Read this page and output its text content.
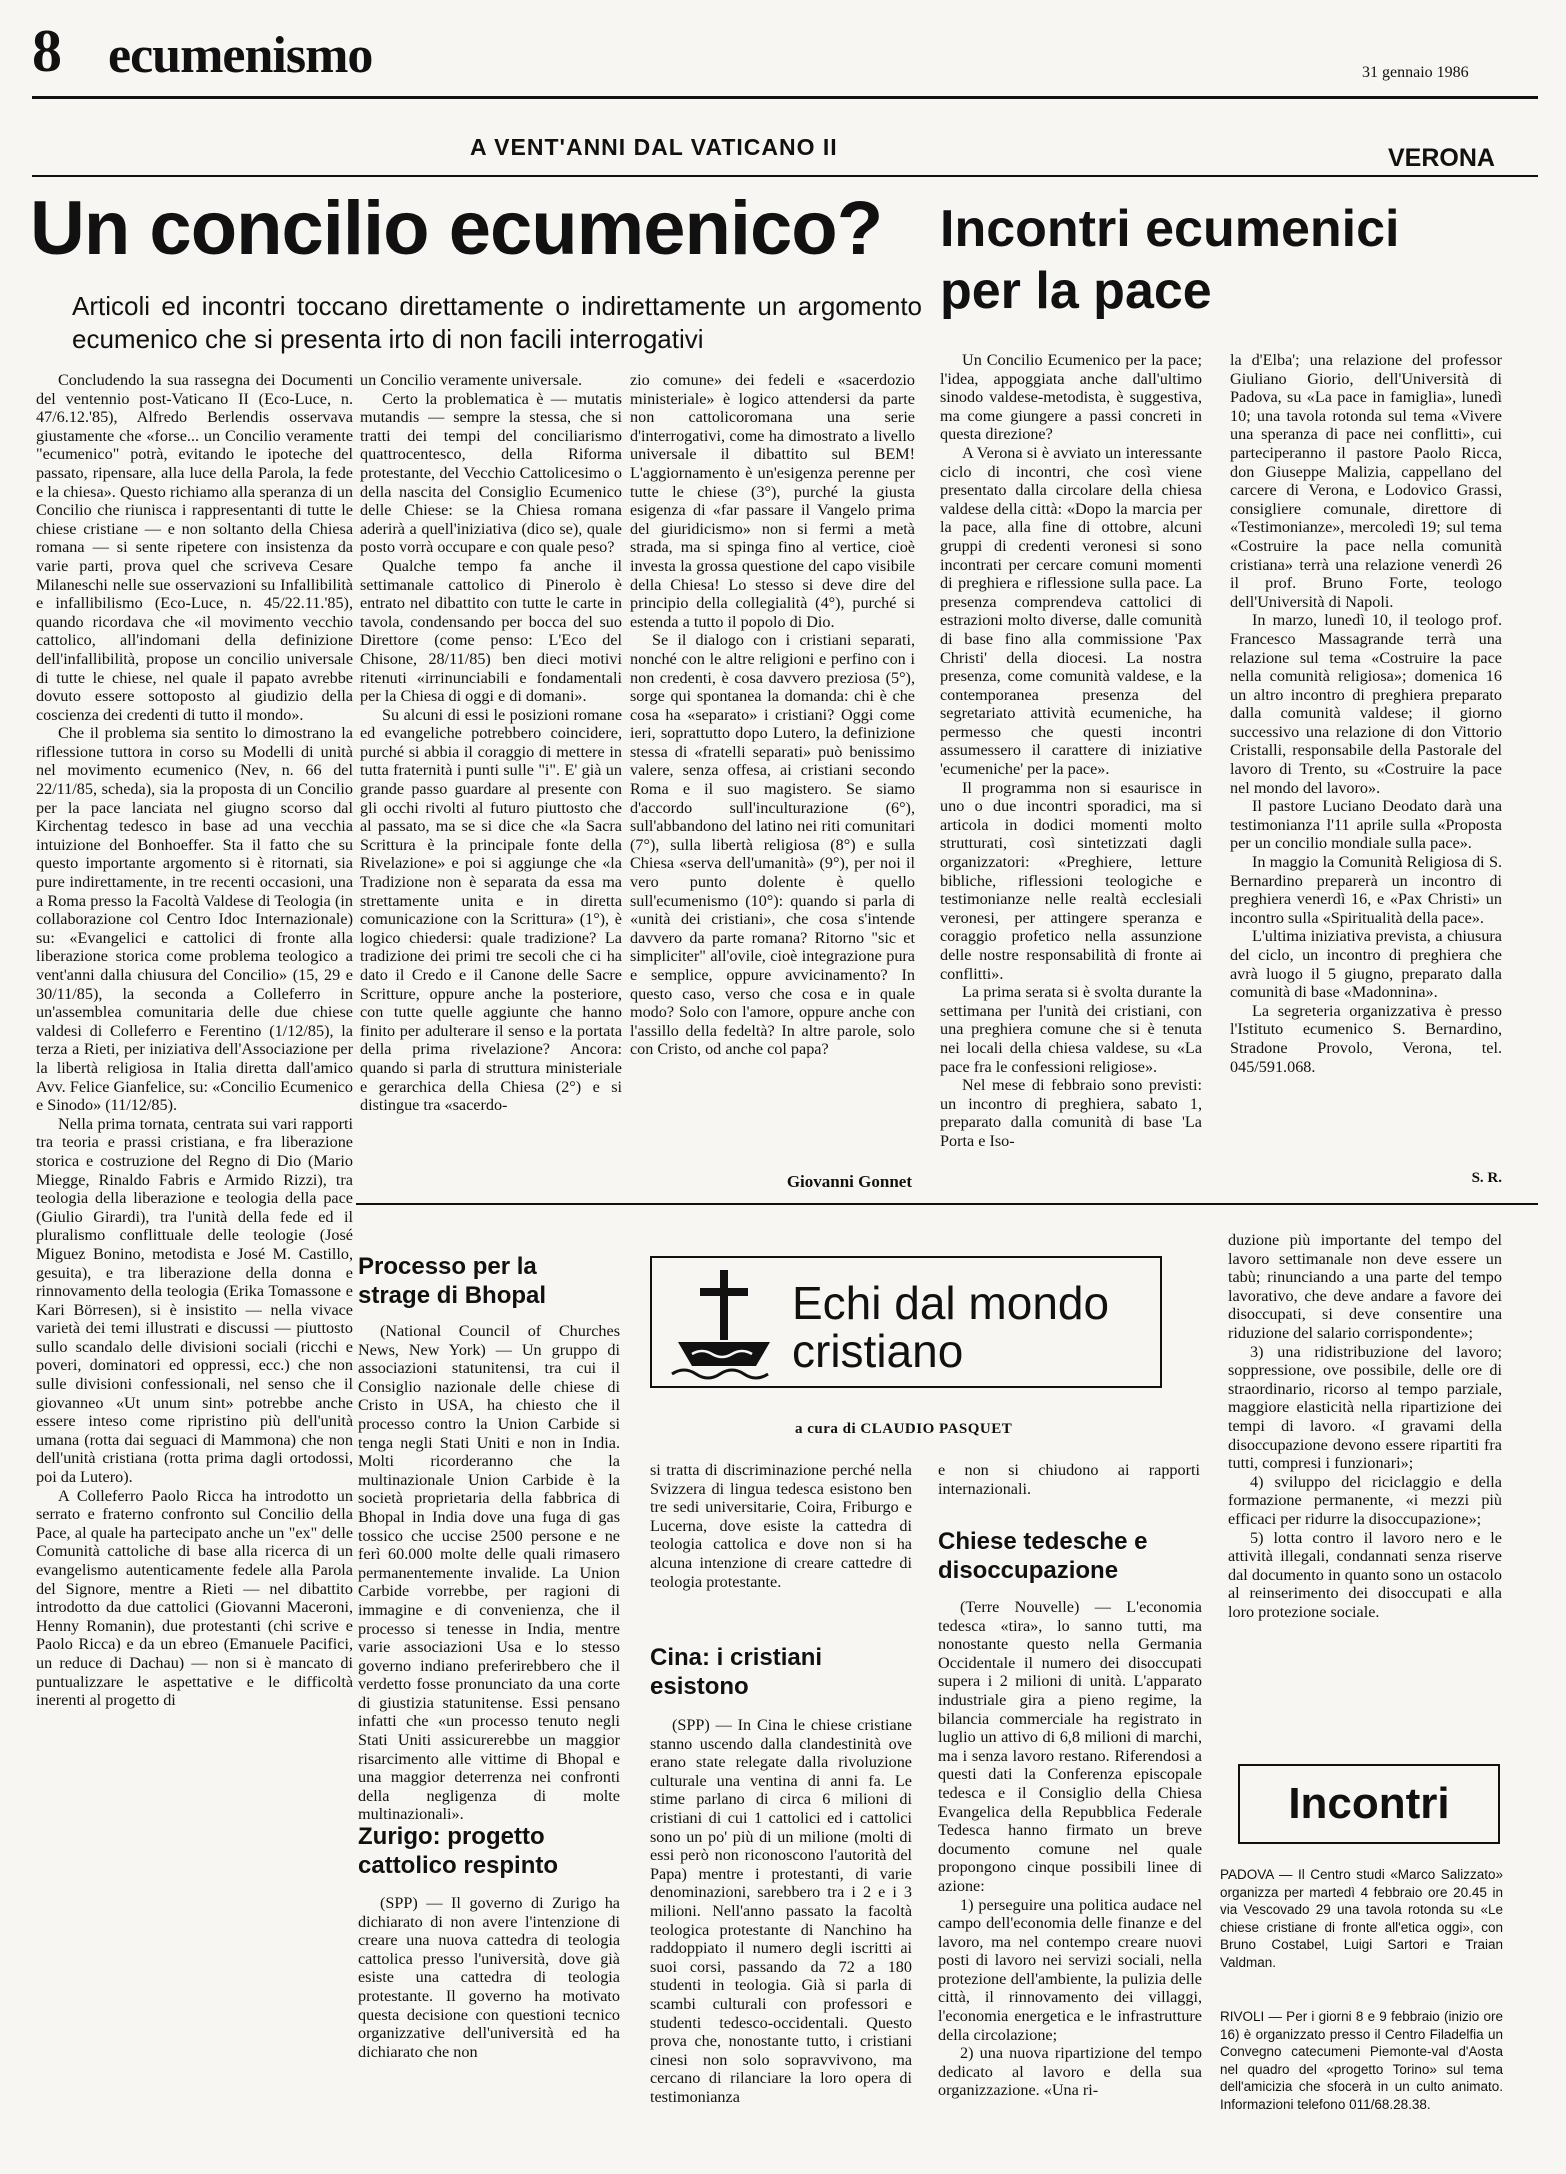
8 ecumenismo	31 gennaio 1986
A VENT'ANNI DAL VATICANO II	VERONA
Un concilio ecumenico?
Articoli ed incontri toccano direttamente o indirettamente un argomento ecumenico che si presenta irto di non facili interrogativi

Concludendo la sua rassegna dei Documenti del ventennio post-Vaticano II (Eco-Luce, n. 47/6.12.'85), Alfredo Berlendis osservava giustamente che «forse... un Concilio veramente "ecumenico" potrà, evitando le ipoteche del passato, ripensare, alla luce della Parola, la fede e la chiesa». Questo richiamo alla speranza di un Concilio che riunisca i rappresentanti di tutte le chiese cristiane — e non soltanto della Chiesa romana — si sente ripetere con insistenza da varie parti, prova quel che scriveva Cesare Milaneschi nelle sue osservazioni su Infallibilità e infallibilismo (Eco-Luce, n. 45/22.11.'85), quando ricordava che «il movimento vecchio cattolico, all'indomani della definizione dell'infallibilità, propose un concilio universale di tutte le chiese, nel quale il papato avrebbe dovuto essere sottoposto al giudizio della coscienza dei credenti di tutto il mondo».

Che il problema sia sentito lo dimostrano la riflessione tuttora in corso su Modelli di unità nel movimento ecumenico (Nev, n. 66 del 22/11/85, scheda), sia la proposta di un Concilio per la pace lanciata nel giugno scorso dal Kirchentag tedesco in base ad una vecchia intuizione del Bonhoeffer. Sta il fatto che su questo importante argomento si è ritornati, sia pure indirettamente, in tre recenti occasioni, una a Roma presso la Facoltà Valdese di Teologia (in collaborazione col Centro Idoc Internazionale) su: «Evangelici e cattolici di fronte alla liberazione storica come problema teologico a vent'anni dalla chiusura del Concilio» (15, 29 e 30/11/85), la seconda a Colleferro in un'assemblea comunitaria delle due chiese valdesi di Colleferro e Ferentino (1/12/85), la terza a Rieti, per iniziativa dell'Associazione per la libertà religiosa in Italia diretta dall'amico Avv. Felice Gianfelice, su: «Concilio Ecumenico e Sinodo» (11/12/85).

Nella prima tornata, centrata sui vari rapporti tra teoria e prassi cristiana, e fra liberazione storica e costruzione del Regno di Dio (Mario Miegge, Rinaldo Fabris e Armido Rizzi), tra teologia della liberazione e teologia della pace (Giulio Girardi), tra l'unità della fede ed il pluralismo conflittuale delle teologie (José Miguez Bonino, metodista e José M. Castillo, gesuita), e tra liberazione della donna e rinnovamento della teologia (Erika Tomassone e Kari Börresen), si è insistito — nella vivace varietà dei temi illustrati e discussi — piuttosto sullo scandalo delle divisioni sociali (ricchi e poveri, dominatori ed oppressi, ecc.) che non sulle divisioni confessionali, nel senso che il giovanneo «Ut unum sint» potrebbe anche essere inteso come ripristino più dell'unità umana (rotta dai seguaci di Mammona) che non dell'unità cristiana (rotta prima dagli ortodossi, poi da Lutero).

A Colleferro Paolo Ricca ha introdotto un serrato e fraterno confronto sul Concilio della Pace, al quale ha partecipato anche un "ex" delle Comunità cattoliche di base alla ricerca di un evangelismo autenticamente fedele alla Parola del Signore, mentre a Rieti — nel dibattito introdotto da due cattolici (Giovanni Maceroni, Henny Romanin), due protestanti (chi scrive e Paolo Ricca) e da un ebreo (Emanuele Pacifici, un reduce di Dachau) — non si è mancato di puntualizzare le aspettative e le difficoltà inerenti al progetto di

un Concilio veramente universale.

Certo la problematica è — mutatis mutandis — sempre la stessa, che si tratti dei tempi del conciliarismo quattrocentesco, della Riforma protestante, del Vecchio Cattolicesimo o della nascita del Consiglio Ecumenico delle Chiese: se la Chiesa romana aderirà a quell'iniziativa (dico se), quale posto vorrà occupare e con quale peso?

Qualche tempo fa anche il settimanale cattolico di Pinerolo è entrato nel dibattito con tutte le carte in tavola, condensando per bocca del suo Direttore (come penso: L'Eco del Chisone, 28/11/85) ben dieci motivi ritenuti «irrinunciabili e fondamentali per la Chiesa di oggi e di domani».

Su alcuni di essi le posizioni romane ed evangeliche potrebbero coincidere, purché si abbia il coraggio di mettere in tutta fraternità i punti sulle "i". E' già un grande passo guardare al presente con gli occhi rivolti al futuro piuttosto che al passato, ma se si dice che «la Sacra Scrittura è la principale fonte della Rivelazione» e poi si aggiunge che «la Tradizione non è separata da essa ma strettamente unita e in diretta comunicazione con la Scrittura» (1°), è logico chiedersi: quale tradizione? La tradizione dei primi tre secoli che ci ha dato il Credo e il Canone delle Sacre Scritture, oppure anche la posteriore, con tutte quelle aggiunte che hanno finito per adulterare il senso e la portata della prima rivelazione? Ancora: quando si parla di struttura ministeriale e gerarchica della Chiesa (2°) e si distingue tra «sacerdo-

zio comune» dei fedeli e «sacerdozio ministeriale» è logico attendersi da parte non cattolicoromana una serie d'interrogativi, come ha dimostrato a livello universale il dibattito sul BEM! L'aggiornamento è un'esigenza perenne per tutte le chiese (3°), purché la giusta esigenza di «far passare il Vangelo prima del giuridicismo» non si fermi a metà strada, ma si spinga fino al vertice, cioè investa la grossa questione del capo visibile della Chiesa! Lo stesso si deve dire del principio della collegialità (4°), purché si estenda a tutto il popolo di Dio.

Se il dialogo con i cristiani separati, nonché con le altre religioni e perfino con i non credenti, è cosa davvero preziosa (5°), sorge qui spontanea la domanda: chi è che cosa ha «separato» i cristiani? Oggi come ieri, soprattutto dopo Lutero, la definizione stessa di «fratelli separati» può benissimo valere, senza offesa, ai cristiani secondo Roma e il suo magistero. Se siamo d'accordo sull'inculturazione (6°), sull'abbandono del latino nei riti comunitari (7°), sulla libertà religiosa (8°) e sulla Chiesa «serva dell'umanità» (9°), per noi il vero punto dolente è quello sull'ecumenismo (10°): quando si parla di «unità dei cristiani», che cosa s'intende davvero da parte romana? Ritorno "sic et simpliciter" all'ovile, cioè integrazione pura e semplice, oppure avvicinamento? In questo caso, verso che cosa e in quale modo? Solo con l'amore, oppure anche con l'assillo della fedeltà? In altre parole, solo con Cristo, od anche col papa?

Giovanni Gonnet
Incontri ecumenici
per la pace

Un Concilio Ecumenico per la pace; l'idea, appoggiata anche dall'ultimo sinodo valdese-metodista, è suggestiva, ma come giungere a passi concreti in questa direzione?

A Verona si è avviato un interessante ciclo di incontri, che così viene presentato dalla circolare della chiesa valdese della città: «Dopo la marcia per la pace, alla fine di ottobre, alcuni gruppi di credenti veronesi si sono incontrati per cercare comuni momenti di preghiera e riflessione sulla pace. La presenza comprendeva cattolici di estrazioni molto diverse, dalle comunità di base fino alla commissione 'Pax Christi' della diocesi. La nostra presenza, come comunità valdese, e la contemporanea presenza del segretariato attività ecumeniche, ha permesso che questi incontri assumessero il carattere di iniziative 'ecumeniche' per la pace».

Il programma non si esaurisce in uno o due incontri sporadici, ma si articola in dodici momenti molto strutturati, così sintetizzati dagli organizzatori: «Preghiere, letture bibliche, riflessioni teologiche e testimonianze nelle realtà ecclesiali veronesi, per attingere speranza e coraggio profetico nella assunzione delle nostre responsabilità di fronte ai conflitti».

La prima serata si è svolta durante la settimana per l'unità dei cristiani, con una preghiera comune che si è tenuta nei locali della chiesa valdese, su «La pace fra le confessioni religiose».

Nel mese di febbraio sono previsti: un incontro di preghiera, sabato 1, preparato dalla comunità di base 'La Porta e Iso-

la d'Elba'; una relazione del professor Giuliano Giorio, dell'Università di Padova, su «La pace in famiglia», lunedì 10; una tavola rotonda sul tema «Vivere una speranza di pace nei conflitti», cui parteciperanno il pastore Paolo Ricca, don Giuseppe Malizia, cappellano del carcere di Verona, e Lodovico Grassi, consigliere comunale, direttore di «Testimonianze», mercoledì 19; sul tema «Costruire la pace nella comunità cristiana» terrà una relazione venerdì 26 il prof. Bruno Forte, teologo dell'Università di Napoli.

In marzo, lunedì 10, il teologo prof. Francesco Massagrande terrà una relazione sul tema «Costruire la pace nella comunità religiosa»; domenica 16 un altro incontro di preghiera preparato dalla comunità valdese; il giorno successivo una relazione di don Vittorio Cristalli, responsabile della Pastorale del lavoro di Trento, su «Costruire la pace nel mondo del lavoro».

Il pastore Luciano Deodato darà una testimonianza l'11 aprile sulla «Proposta per un concilio mondiale sulla pace».

In maggio la Comunità Religiosa di S. Bernardino preparerà un incontro di preghiera venerdì 16, e «Pax Christi» un incontro sulla «Spiritualità della pace».

L'ultima iniziativa prevista, a chiusura del ciclo, un incontro di preghiera che avrà luogo il 5 giugno, preparato dalla comunità di base «Madonnina».

La segreteria organizzativa è presso l'Istituto ecumenico S. Bernardino, Stradone Provolo, Verona, tel. 045/591.068.

S. R.
Processo per la strage di Bhopal

(National Council of Churches News, New York) — Un gruppo di associazioni statunitensi, tra cui il Consiglio nazionale delle chiese di Cristo in USA, ha chiesto che il processo contro la Union Carbide si tenga negli Stati Uniti e non in India. Molti ricorderanno che la multinazionale Union Carbide è la società proprietaria della fabbrica di Bhopal in India dove una fuga di gas tossico che uccise 2500 persone e ne ferì 60.000 molte delle quali rimasero permanentemente invalide. La Union Carbide vorrebbe, per ragioni di immagine e di convenienza, che il processo si tenesse in India, mentre varie associazioni Usa e lo stesso governo indiano preferirebbero che il verdetto fosse pronunciato da una corte di giustizia statunitense. Essi pensano infatti che «un processo tenuto negli Stati Uniti assicurerebbe un maggior risarcimento alle vittime di Bhopal e una maggior deterrenza nei confronti della negligenza di molte multinazionali».

Zurigo: progetto cattolico respinto

(SPP) — Il governo di Zurigo ha dichiarato di non avere l'intenzione di creare una nuova cattedra di teologia cattolica presso l'università, dove già esiste una cattedra di teologia protestante. Il governo ha motivato questa decisione con questioni tecnico organizzative dell'università ed ha dichiarato che non

Echi dal mondo
cristiano
a cura di CLAUDIO PASQUET

si tratta di discriminazione perché nella Svizzera di lingua tedesca esistono ben tre sedi universitarie, Coira, Friburgo e Lucerna, dove esiste la cattedra di teologia cattolica e dove non si ha alcuna intenzione di creare cattedre di teologia protestante.

e non si chiudono ai rapporti internazionali.

Cina: i cristiani esistono

(SPP) — In Cina le chiese cristiane stanno uscendo dalla clandestinità ove erano state relegate dalla rivoluzione culturale una ventina di anni fa. Le stime parlano di circa 6 milioni di cristiani di cui 1 cattolici ed i cattolici sono un po' più di un milione (molti di essi però non riconoscono l'autorità del Papa) mentre i protestanti, di varie denominazioni, sarebbero tra i 2 e i 3 milioni. Nell'anno passato la facoltà teologica protestante di Nanchino ha raddoppiato il numero degli iscritti ai suoi corsi, passando da 72 a 180 studenti in teologia. Già si parla di scambi culturali con professori e studenti tedesco-occidentali. Questo prova che, nonostante tutto, i cristiani cinesi non solo sopravvivono, ma cercano di rilanciare la loro opera di testimonianza

Chiese tedesche e disoccupazione

(Terre Nouvelle) — L'economia tedesca «tira», lo sanno tutti, ma nonostante questo nella Germania Occidentale il numero dei disoccupati supera i 2 milioni di unità. L'apparato industriale gira a pieno regime, la bilancia commerciale ha registrato in luglio un attivo di 6,8 milioni di marchi, ma i senza lavoro restano. Riferendosi a questi dati la Conferenza episcopale tedesca e il Consiglio della Chiesa Evangelica della Repubblica Federale Tedesca hanno firmato un breve documento comune nel quale propongono cinque possibili linee di azione:

1) perseguire una politica audace nel campo dell'economia delle finanze e del lavoro, ma nel contempo creare nuovi posti di lavoro nei servizi sociali, nella protezione dell'ambiente, la pulizia delle città, il rinnovamento dei villaggi, l'economia energetica e le infrastrutture della circolazione;

2) una nuova ripartizione del tempo dedicato al lavoro e della sua organizzazione. «Una ri-

duzione più importante del tempo del lavoro settimanale non deve essere un tabù; rinunciando a una parte del tempo lavorativo, che deve andare a favore dei disoccupati, si deve consentire una riduzione del salario corrispondente»;

3) una ridistribuzione del lavoro; soppressione, ove possibile, delle ore di straordinario, ricorso al tempo parziale, maggiore elasticità nella ripartizione dei tempi di lavoro. «I gravami della disoccupazione devono essere ripartiti fra tutti, compresi i funzionari»;

4) sviluppo del riciclaggio e della formazione permanente, «i mezzi più efficaci per ridurre la disoccupazione»;

5) lotta contro il lavoro nero e le attività illegali, condannati senza riserve dal documento in quanto sono un ostacolo al reinserimento dei disoccupati e alla loro protezione sociale.

Incontri
PADOVA — Il Centro studi «Marco Salizzato» organizza per martedì 4 febbraio ore 20.45 in via Vescovado 29 una tavola rotonda su «Le chiese cristiane di fronte all'etica oggi», con Bruno Costabel, Luigi Sartori e Traian Valdman.
RIVOLI — Per i giorni 8 e 9 febbraio (inizio ore 16) è organizzato presso il Centro Filadelfia un Convegno catecumeni Piemonte-val d'Aosta nel quadro del «progetto Torino» sul tema dell'amicizia che sfocerà in un culto animato. Informazioni telefono 011/68.28.38.
